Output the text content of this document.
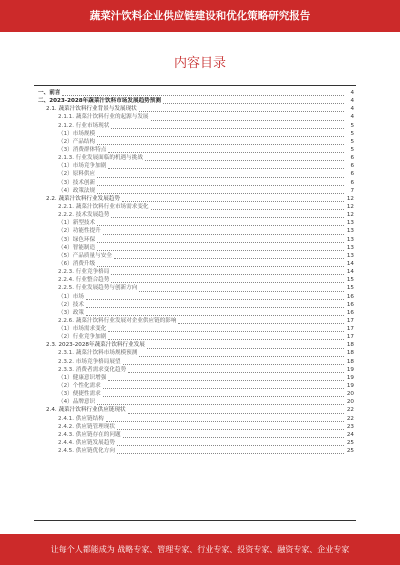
蔬菜汁饮料企业供应链建设和优化策略研究报告
内容目录
一、前言	4
二、2023-2028年蔬菜汁饮料市场发展趋势预测	4
2.1. 蔬菜汁饮料行业背景与发展现状	4
2.1.1. 蔬菜汁饮料行业的起源与发展	4
2.1.2. 行业市场现状	5
（1）市场规模	5
（2）产品结构	5
（3）消费群体特点	5
2.1.3. 行业发展面临的机遇与挑战	6
（1）市场竞争加剧	6
（2）原料供应	6
（3）技术创新	6
（4）政策法规	7
2.2. 蔬菜汁饮料行业发展趋势	12
2.2.1. 蔬菜汁饮料行业市场需求变化	12
2.2.2. 技术发展趋势	12
（1）新型技术	13
（2）功能性提升	13
（3）绿色环保	13
（4）智能制造	13
（5）产品质量与安全	13
（6）消费升级	14
2.2.3. 行业竞争格局	14
2.2.4. 行业整合趋势	15
2.2.5. 行业发展趋势与创新方向	15
（1）市场	16
（2）技术	16
（3）政策	16
2.2.6. 蔬菜汁饮料行业发展对企业供应链的影响	17
（1）市场需求变化	17
（2）行业竞争加剧	17
2.3. 2023-2028年蔬菜汁饮料行业发展	18
2.3.1. 蔬菜汁饮料市场规模预测	18
2.3.2. 市场竞争格局展望	18
2.3.3. 消费者需求变化趋势	19
（1）健康意识增强	19
（2）个性化需求	19
（3）便捷性需求	20
（4）品牌意识	20
2.4. 蔬菜汁饮料行业供应链现状	22
2.4.1. 供应链结构	22
2.4.2. 供应链管理现状	23
2.4.3. 供应链存在的问题	24
2.4.4. 供应链发展趋势	25
2.4.5. 供应链优化方向	25
让每个人都能成为 战略专家、管理专家、行业专家、投资专家、融资专家、企业专家
